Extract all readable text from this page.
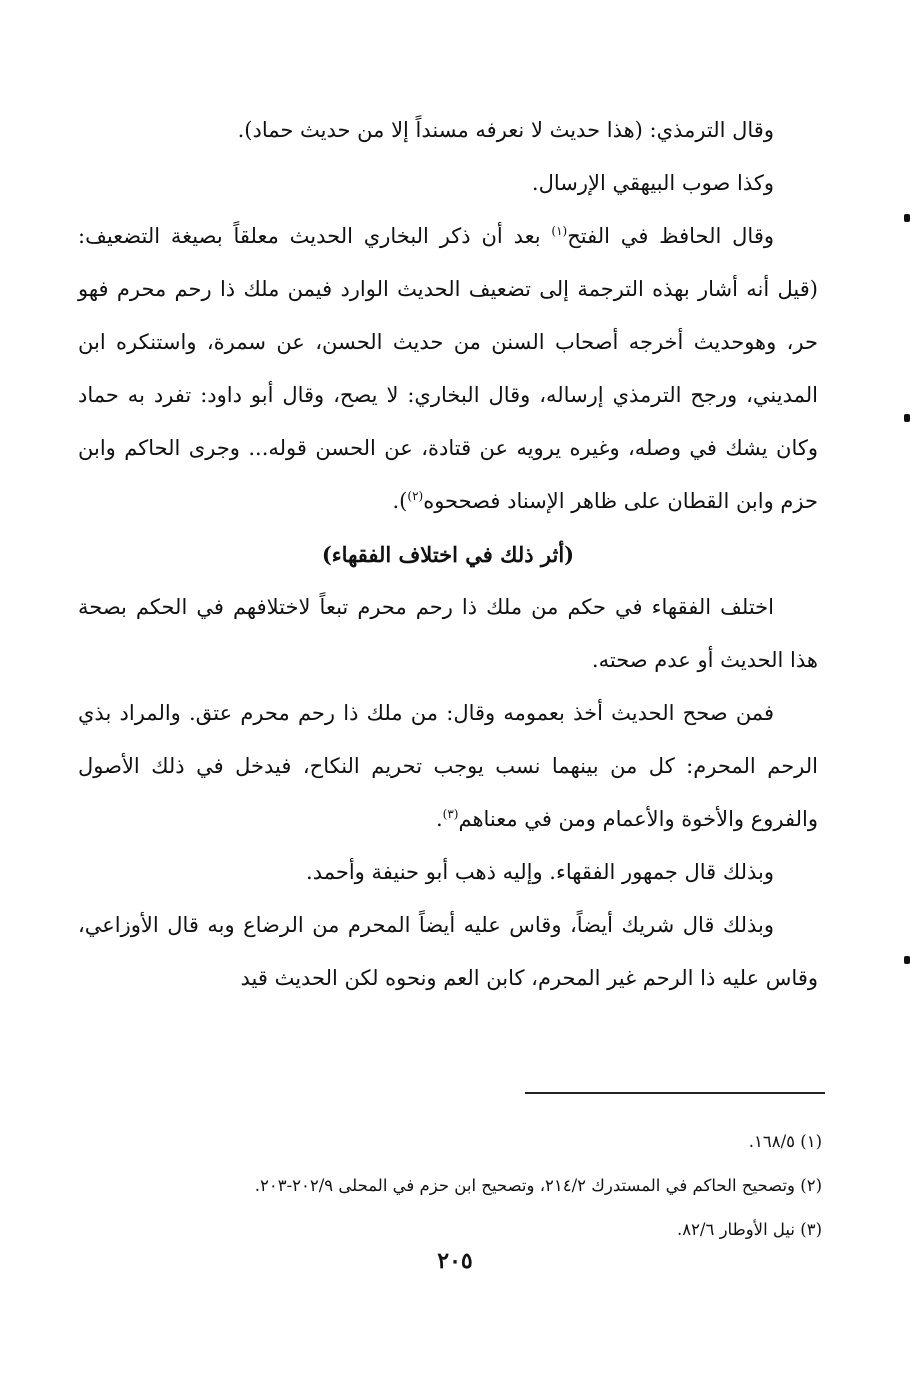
وقال الترمذي: (هذا حديث لا نعرفه مسنداً إلا من حديث حماد).

وكذا صوب البيهقي الإرسال.

وقال الحافظ في الفتح$^{(١)}$ بعد أن ذكر البخاري الحديث معلقاً بصيغة التضعيف: (قيل أنه أشار بهذه الترجمة إلى تضعيف الحديث الوارد فيمن ملك ذا رحم محرم فهو حر، وهوحديث أخرجه أصحاب السنن من حديث الحسن، عن سمرة، واستنكره ابن المديني، ورجح الترمذي إرساله، وقال البخاري: لا يصح، وقال أبو داود: تفرد به حماد وكان يشك في وصله، وغيره يرويه عن قتادة، عن الحسن قوله... وجرى الحاكم وابن حزم وابن القطان على ظاهر الإسناد فصححوه$^{(٢)}$).

(أثر ذلك في اختلاف الفقهاء)

اختلف الفقهاء في حكم من ملك ذا رحم محرم تبعاً لاختلافهم في الحكم بصحة هذا الحديث أو عدم صحته.

فمن صحح الحديث أخذ بعمومه وقال: من ملك ذا رحم محرم عتق. والمراد بذي الرحم المحرم: كل من بينهما نسب يوجب تحريم النكاح، فيدخل في ذلك الأصول والفروع والأخوة والأعمام ومن في معناهم$^{(٣)}$.

وبذلك قال جمهور الفقهاء. وإليه ذهب أبو حنيفة وأحمد.

وبذلك قال شريك أيضاً، وقاس عليه أيضاً المحرم من الرضاع وبه قال الأوزاعي، وقاس عليه ذا الرحم غير المحرم، كابن العم ونحوه لكن الحديث قيد

(١) ١٦٨/٥.

(٢) وتصحيح الحاكم في المستدرك ٢١٤/٢، وتصحيح ابن حزم في المحلى ٢٠٢/٩-٢٠٣.

(٣) نيل الأوطار ٨٢/٦.

٢٠٥
